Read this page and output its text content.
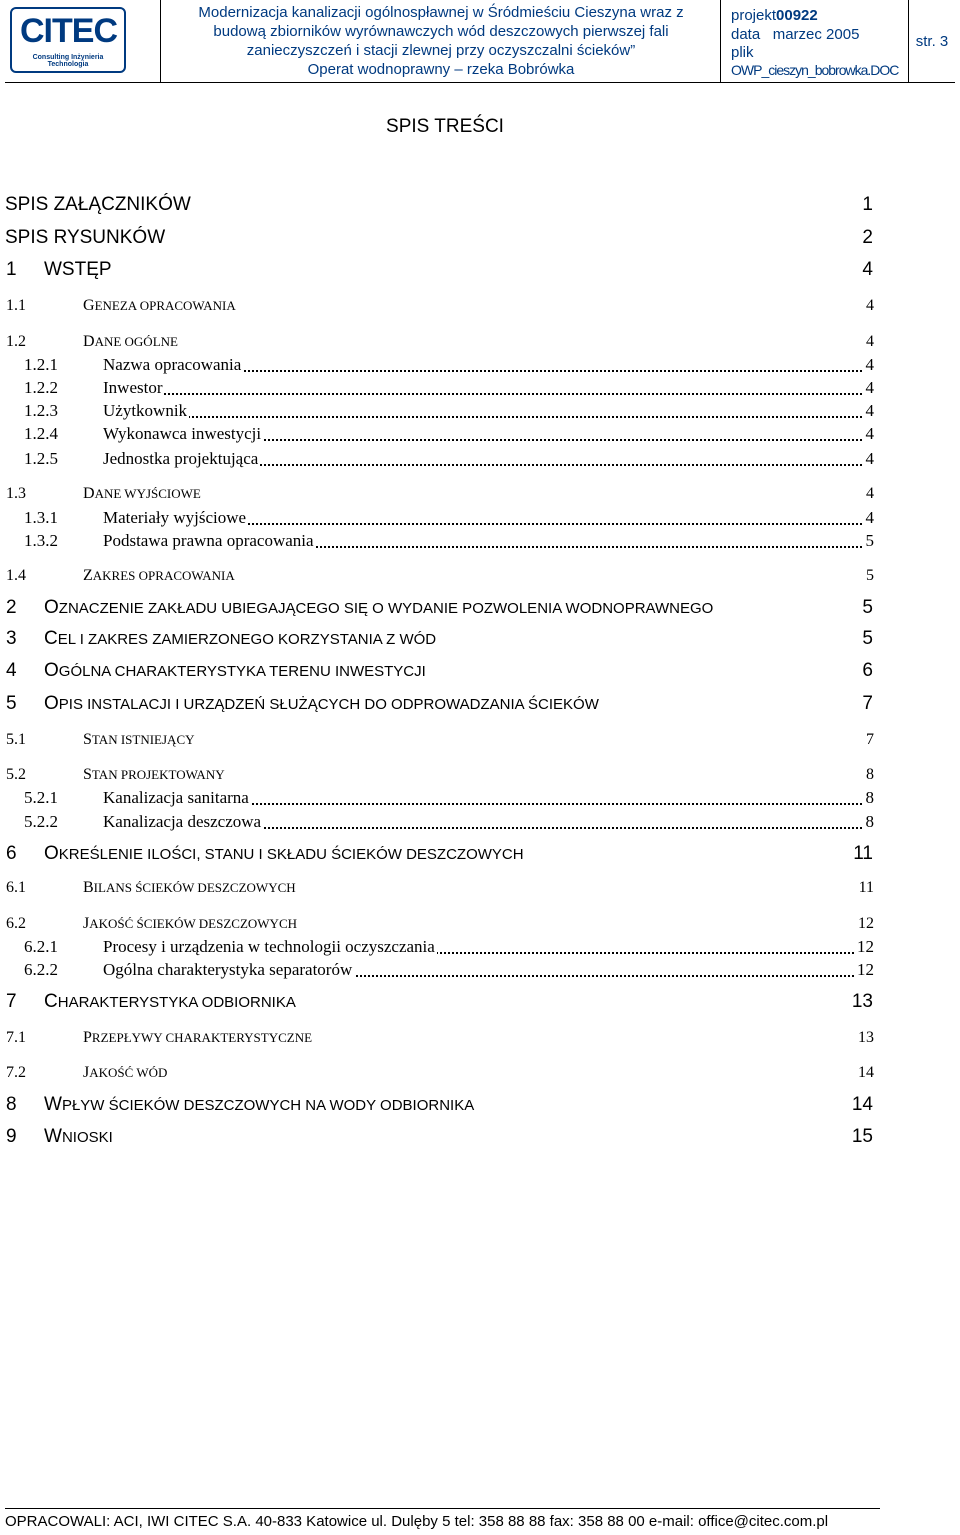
CITEC
Consulting Inżynieria Technologia
Modernizacja kanalizacji ogólnospławnej w Śródmieściu Cieszyna wraz z
budową zbiorników wyrównawczych wód deszczowych pierwszej fali
zanieczyszczeń i stacji zlewnej przy oczyszczalni ścieków”
Operat wodnoprawny – rzeka Bobrówka
projekt00922
data marzec 2005
plik
OWP_cieszyn_bobrowka.DOC
str. 3
SPIS TREŚCI
SPIS ZAŁĄCZNIKÓW	1
SPIS RYSUNKÓW	2
1 WSTĘP	4
1.1	GENEZA OPRACOWANIA	4
1.2	DANE OGÓLNE	4
1.2.1	Nazwa opracowania	4
1.2.2	Inwestor	4
1.2.3	Użytkownik	4
1.2.4	Wykonawca inwestycji	4
1.2.5	Jednostka projektująca	4
1.3	DANE WYJŚCIOWE	4
1.3.1	Materiały wyjściowe	4
1.3.2	Podstawa prawna opracowania	5
1.4	ZAKRES OPRACOWANIA	5
2 OZNACZENIE ZAKŁADU UBIEGAJĄCEGO SIĘ O WYDANIE POZWOLENIA WODNOPRAWNEGO	5
3 CEL I ZAKRES ZAMIERZONEGO KORZYSTANIA Z WÓD	5
4 OGÓLNA CHARAKTERYSTYKA TERENU INWESTYCJI	6
5 OPIS INSTALACJI I URZĄDZEŃ SŁUŻĄCYCH DO ODPROWADZANIA ŚCIEKÓW	7
5.1	STAN ISTNIEJĄCY	7
5.2	STAN PROJEKTOWANY	8
5.2.1	Kanalizacja sanitarna	8
5.2.2	Kanalizacja deszczowa	8
6 OKREŚLENIE ILOŚCI, STANU I SKŁADU ŚCIEKÓW DESZCZOWYCH	11
6.1	BILANS ŚCIEKÓW DESZCZOWYCH	11
6.2	JAKOŚĆ ŚCIEKÓW DESZCZOWYCH	12
6.2.1	Procesy i urządzenia w technologii oczyszczania	12
6.2.2	Ogólna charakterystyka separatorów	12
7 CHARAKTERYSTYKA ODBIORNIKA	13
7.1	PRZEPŁYWY CHARAKTERYSTYCZNE	13
7.2	JAKOŚĆ WÓD	14
8 WPŁYW ŚCIEKÓW DESZCZOWYCH NA WODY ODBIORNIKA	14
9 WNIOSKI	15
OPRACOWALI: ACI, IWI CITEC S.A. 40-833 Katowice ul. Dulęby 5 tel: 358 88 88 fax: 358 88 00 e-mail: office@citec.com.pl
